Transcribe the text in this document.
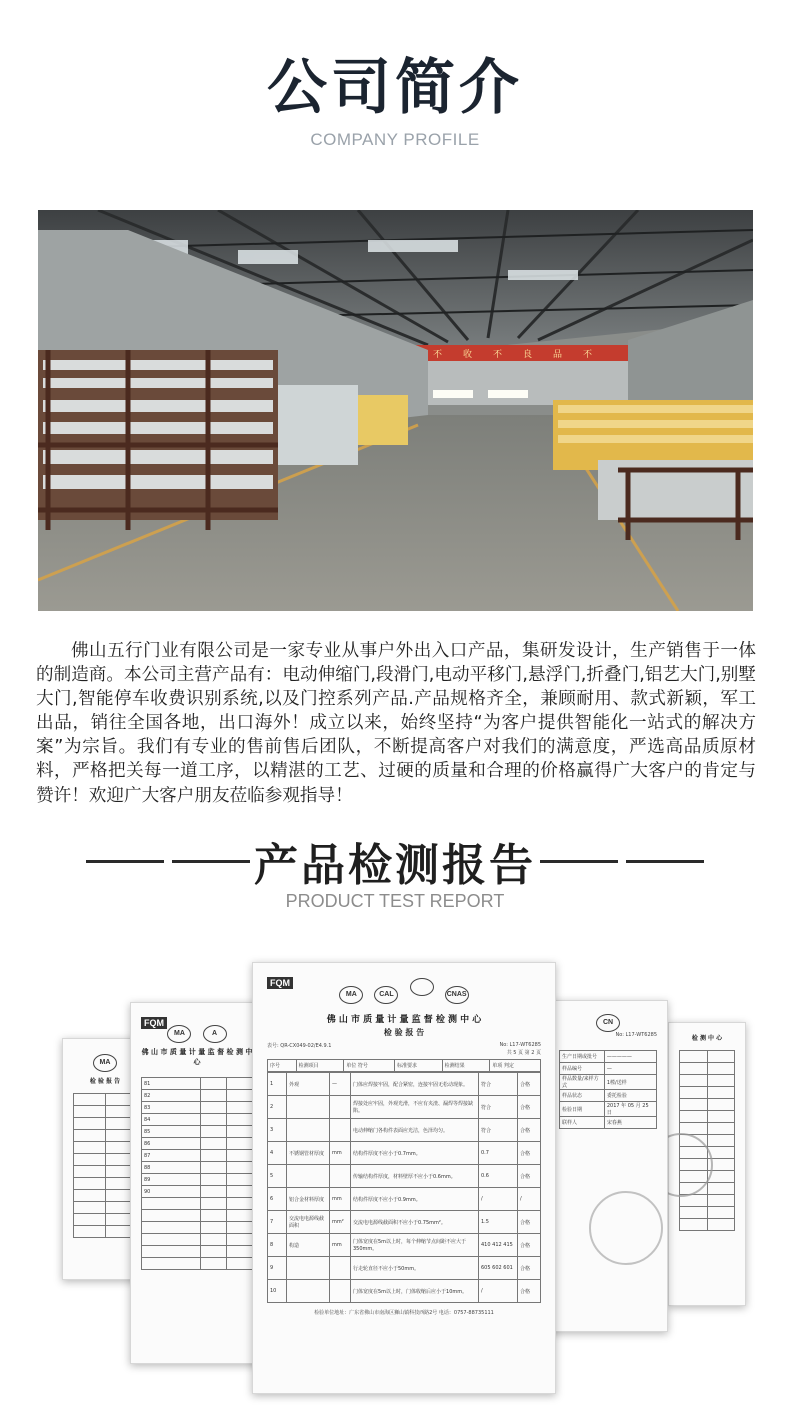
公司简介
COMPANY PROFILE
不 收 不 良 品 不

佛山五行门业有限公司是一家专业从事户外出入口产品，集研发设计，生产销售于一体的制造商。本公司主营产品有：电动伸缩门,段滑门,电动平移门,悬浮门,折叠门,铝艺大门,别墅大门,智能停车收费识别系统,以及门控系列产品.产品规格齐全，兼顾耐用、款式新颖，军工出品，销往全国各地，出口海外！成立以来，始终坚持“为客户提供智能化一站式的解决方案”为宗旨。我们有专业的售前售后团队，不断提高客户对我们的满意度，严选高品质原材料，严格把关每一道工序，以精湛的工艺、过硬的质量和合理的价格赢得广大客户的肯定与赞许！欢迎广大客户朋友莅临参观指导！

产品检测报告
PRODUCT TEST REPORT
MA
检 验 报 告

FQM
MA	A
佛 山 市 质 量 计 量 监 督 检 测 中 心
81		
82		
83		
84		
85		
86		
87		
88		
89		
90		

检 测 中 心

CN
No: L17-WT6285
生产日期或批号	—————
样品编号	—
样品数量/来样方式	1樘/送样
样品状态	委托检验
检验日期	2017 年 05 月 25 日
联样人	宋春燕
FQM
MA	CAL	CNAS
佛 山 市 质 量 计 量 监 督 检 测 中 心
检 验 报 告
表号: QR-CX049-02/E4.9.1	No: L17-WT6285
共 5 页 第 2 页
序号	检测项目	单位 符号	标准要求	检测结果	单项 判定
1	外观	—	门体应焊接牢固，配合紧密，连接牢固无松动现象。	符合	合格
2			焊接处应牢固，外观光滑，不应有夹渣、漏焊等焊接缺陷。	符合	合格
3			电动伸缩门各构件表面应光洁，色泽均匀。	符合	合格
4	不锈钢管材厚度	mm	结构件厚度不应小于0.7mm。	0.7	合格
5			传输结构件厚度，材料壁厚不应小于0.6mm。	0.6	合格
6	铝合金材料厚度	mm	结构件厚度不应小于0.9mm。	/	/
7	交流电电源线截面积	mm²	交流电电源线截面积不应小于0.75mm²。	1.5	合格
8	构造	mm	门体宽度在5m以上时，每个伸缩节点间距不应大于350mm。	410 412 415	合格
9			行走轮直径不应小于50mm。	605 602 601	合格
10			门体宽度在5m以上时，门体收缩后应小于10mm。	/	合格
检验单位地址：广东省佛山市南海区狮山镇科技西路2号 电话：0757-88735111
